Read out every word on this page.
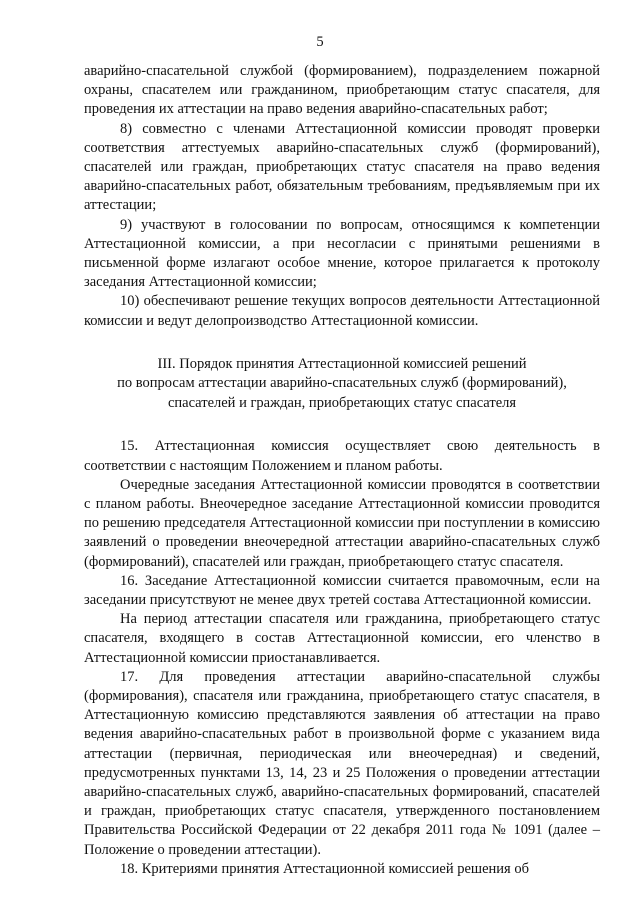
5

аварийно-спасательной службой (формированием), подразделением пожарной охраны, спасателем или гражданином, приобретающим статус спасателя, для проведения их аттестации на право ведения аварийно-спасательных работ;

8) совместно с членами Аттестационной комиссии проводят проверки соответствия аттестуемых аварийно-спасательных служб (формирований), спасателей или граждан, приобретающих статус спасателя на право ведения аварийно-спасательных работ, обязательным требованиям, предъявляемым при их аттестации;

9) участвуют в голосовании по вопросам, относящимся к компетенции Аттестационной комиссии, а при несогласии с принятыми решениями в письменной форме излагают особое мнение, которое прилагается к протоколу заседания Аттестационной комиссии;

10) обеспечивают решение текущих вопросов деятельности Аттестационной комиссии и ведут делопроизводство Аттестационной комиссии.

III. Порядок принятия Аттестационной комиссией решений
по вопросам аттестации аварийно-спасательных служб (формирований),
спасателей и граждан, приобретающих статус спасателя

15. Аттестационная комиссия осуществляет свою деятельность в соответствии с настоящим Положением и планом работы.

Очередные заседания Аттестационной комиссии проводятся в соответствии с планом работы. Внеочередное заседание Аттестационной комиссии проводится по решению председателя Аттестационной комиссии при поступлении в комиссию заявлений о проведении внеочередной аттестации аварийно-спасательных служб (формирований), спасателей или граждан, приобретающего статус спасателя.

16. Заседание Аттестационной комиссии считается правомочным, если на заседании присутствуют не менее двух третей состава Аттестационной комиссии.

На период аттестации спасателя или гражданина, приобретающего статус спасателя, входящего в состав Аттестационной комиссии, его членство в Аттестационной комиссии приостанавливается.

17. Для проведения аттестации аварийно-спасательной службы (формирования), спасателя или гражданина, приобретающего статус спасателя, в Аттестационную комиссию представляются заявления об аттестации на право ведения аварийно-спасательных работ в произвольной форме с указанием вида аттестации (первичная, периодическая или внеочередная) и сведений, предусмотренных пунктами 13, 14, 23 и 25 Положения о проведении аттестации аварийно-спасательных служб, аварийно-спасательных формирований, спасателей и граждан, приобретающих статус спасателя, утвержденного постановлением Правительства Российской Федерации от 22 декабря 2011 года № 1091 (далее – Положение о проведении аттестации).

18. Критериями принятия Аттестационной комиссией решения об
